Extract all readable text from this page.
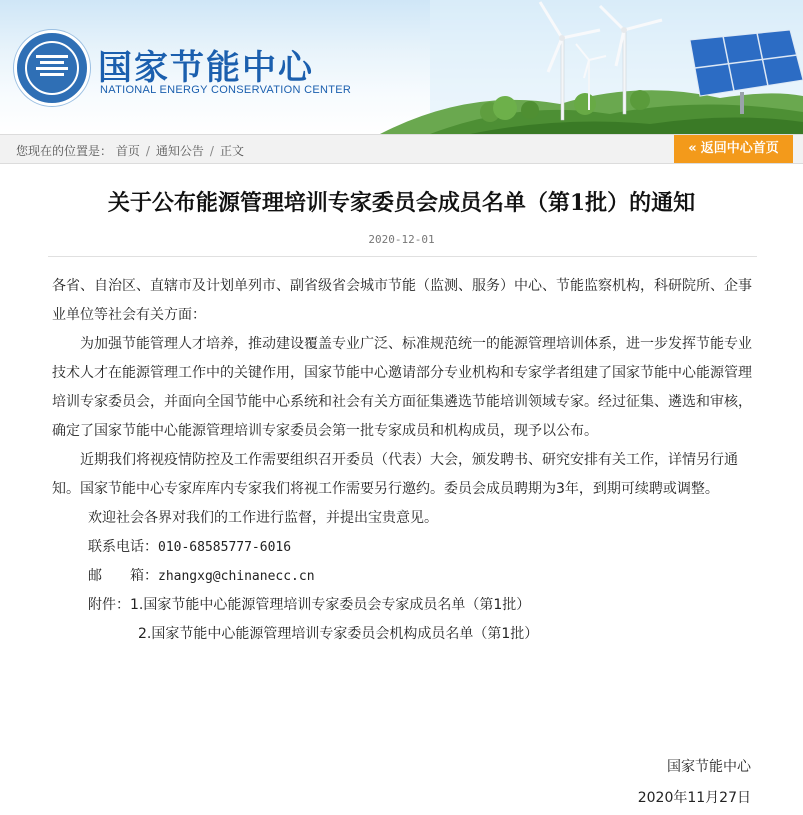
国家节能中心
NATIONAL ENERGY CONSERVATION CENTER
您现在的位置是： 首页 / 通知公告 / 正文	« 返回中心首页
关于公布能源管理培训专家委员会成员名单（第1批）的通知
2020-12-01

各省、自治区、直辖市及计划单列市、副省级省会城市节能（监测、服务）中心、节能监察机构，科研院所、企事业单位等社会有关方面：

为加强节能管理人才培养，推动建设覆盖专业广泛、标准规范统一的能源管理培训体系，进一步发挥节能专业技术人才在能源管理工作中的关键作用，国家节能中心邀请部分专业机构和专家学者组建了国家节能中心能源管理培训专家委员会，并面向全国节能中心系统和社会有关方面征集遴选节能培训领域专家。经过征集、遴选和审核，确定了国家节能中心能源管理培训专家委员会第一批专家成员和机构成员，现予以公布。

近期我们将视疫情防控及工作需要组织召开委员（代表）大会，颁发聘书、研究安排有关工作，详情另行通知。国家节能中心专家库库内专家我们将视工作需要另行邀约。委员会成员聘期为3年，到期可续聘或调整。

欢迎社会各界对我们的工作进行监督，并提出宝贵意见。

联系电话：010-68585777-6016

邮　　箱：zhangxg@chinanecc.cn

附件：1.国家节能中心能源管理培训专家委员会专家成员名单（第1批）

2.国家节能中心能源管理培训专家委员会机构成员名单（第1批）

国家节能中心
2020年11月27日
